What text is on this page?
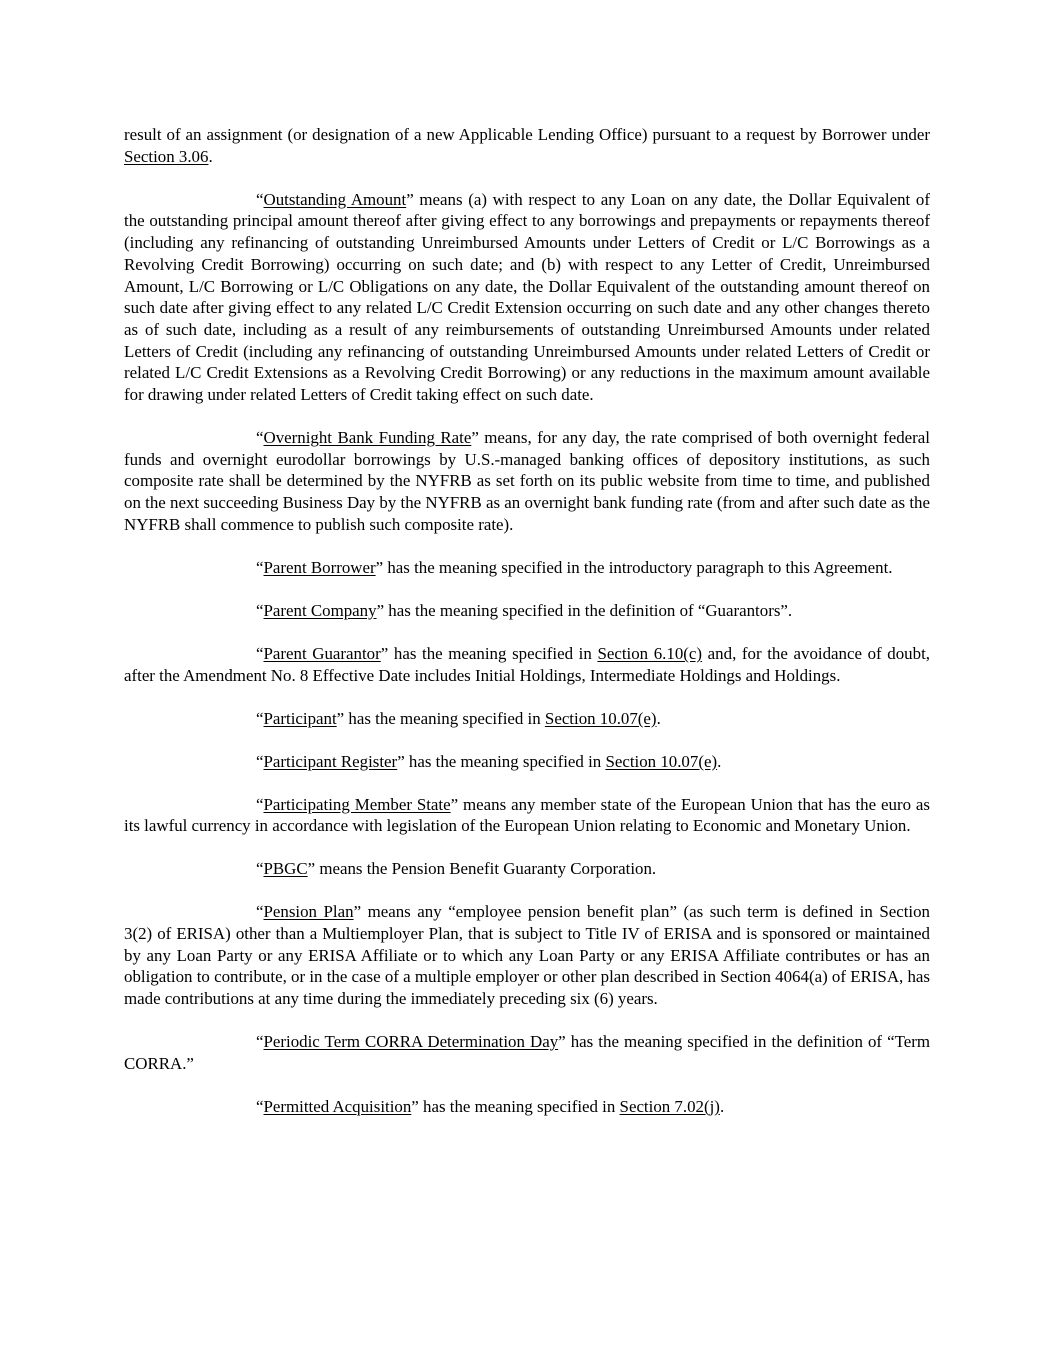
result of an assignment (or designation of a new Applicable Lending Office) pursuant to a request by Borrower under Section 3.06.

“Outstanding Amount” means (a) with respect to any Loan on any date, the Dollar Equivalent of the outstanding principal amount thereof after giving effect to any borrowings and prepayments or repayments thereof (including any refinancing of outstanding Unreimbursed Amounts under Letters of Credit or L/C Borrowings as a Revolving Credit Borrowing) occurring on such date; and (b) with respect to any Letter of Credit, Unreimbursed Amount, L/C Borrowing or L/C Obligations on any date, the Dollar Equivalent of the outstanding amount thereof on such date after giving effect to any related L/C Credit Extension occurring on such date and any other changes thereto as of such date, including as a result of any reimbursements of outstanding Unreimbursed Amounts under related Letters of Credit (including any refinancing of outstanding Unreimbursed Amounts under related Letters of Credit or related L/C Credit Extensions as a Revolving Credit Borrowing) or any reductions in the maximum amount available for drawing under related Letters of Credit taking effect on such date.

“Overnight Bank Funding Rate” means, for any day, the rate comprised of both overnight federal funds and overnight eurodollar borrowings by U.S.-managed banking offices of depository institutions, as such composite rate shall be determined by the NYFRB as set forth on its public website from time to time, and published on the next succeeding Business Day by the NYFRB as an overnight bank funding rate (from and after such date as the NYFRB shall commence to publish such composite rate).

“Parent Borrower” has the meaning specified in the introductory paragraph to this Agreement.

“Parent Company” has the meaning specified in the definition of “Guarantors”.

“Parent Guarantor” has the meaning specified in Section 6.10(c) and, for the avoidance of doubt, after the Amendment No. 8 Effective Date includes Initial Holdings, Intermediate Holdings and Holdings.

“Participant” has the meaning specified in Section 10.07(e).

“Participant Register” has the meaning specified in Section 10.07(e).

“Participating Member State” means any member state of the European Union that has the euro as its lawful currency in accordance with legislation of the European Union relating to Economic and Monetary Union.

“PBGC” means the Pension Benefit Guaranty Corporation.

“Pension Plan” means any “employee pension benefit plan” (as such term is defined in Section 3(2) of ERISA) other than a Multiemployer Plan, that is subject to Title IV of ERISA and is sponsored or maintained by any Loan Party or any ERISA Affiliate or to which any Loan Party or any ERISA Affiliate contributes or has an obligation to contribute, or in the case of a multiple employer or other plan described in Section 4064(a) of ERISA, has made contributions at any time during the immediately preceding six (6) years.

“Periodic Term CORRA Determination Day” has the meaning specified in the definition of “Term CORRA.”

“Permitted Acquisition” has the meaning specified in Section 7.02(j).
